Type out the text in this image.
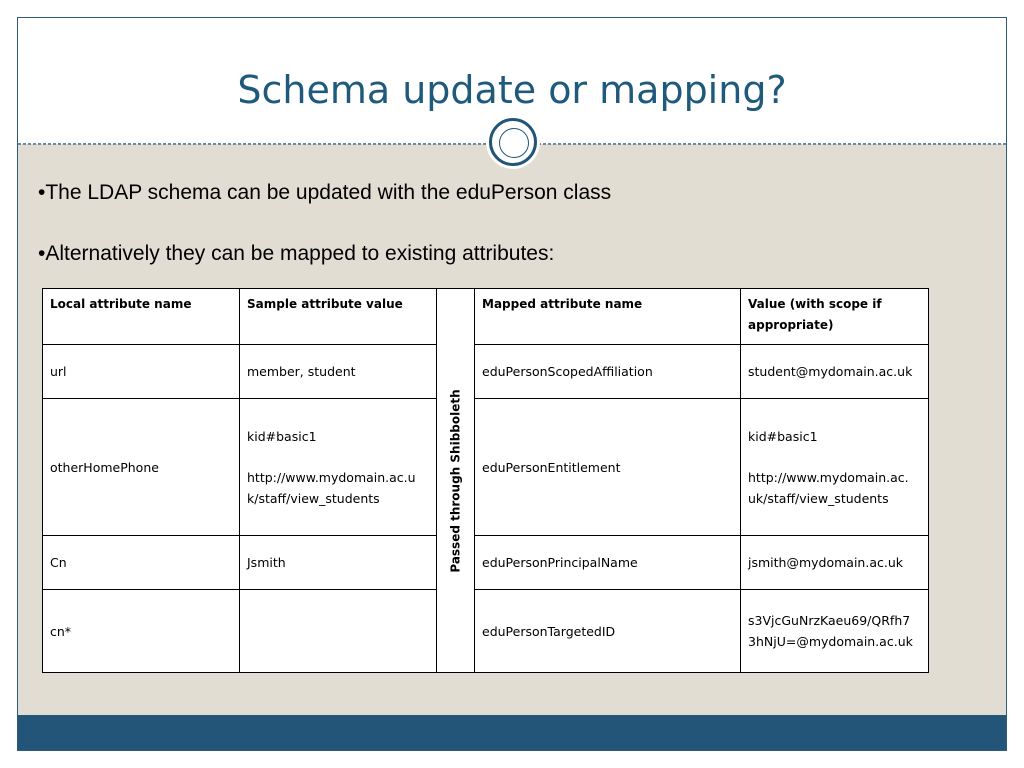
Schema update or mapping?

•The LDAP schema can be updated with the eduPerson class

•Alternatively they can be mapped to existing attributes:

Local attribute name	Sample attribute value	Passed through Shibboleth	Mapped attribute name	Value (with scope if appropriate)
url	member, student		eduPersonScopedAffiliation	student@mydomain.ac.uk

otherHomePhone	kid#basic1
http://www.mydomain.ac.u
k/staff/view_students		eduPersonEntitlement	kid#basic1
http://www.mydomain.ac.
uk/staff/view_students

Cn	Jsmith		eduPersonPrincipalName	jsmith@mydomain.ac.uk

cn*			eduPersonTargetedID	s3VjcGuNrzKaeu69/QRfh7
3hNjU=@mydomain.ac.uk
